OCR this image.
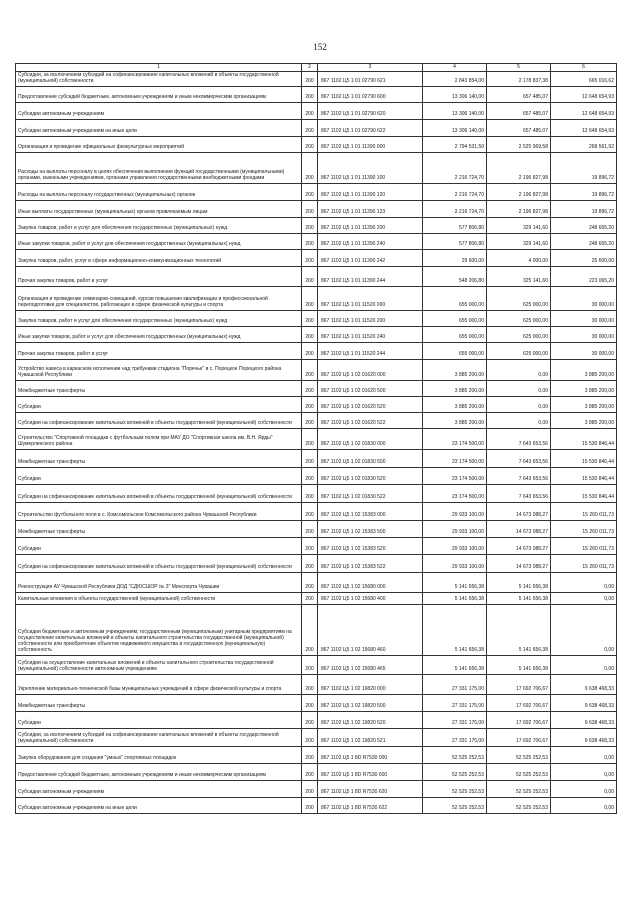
152
1	2	3	4	5	6
Субсидии, за исключением субсидий на софинансирование капитальных вложений в объекты государственной (муниципальной) собственности	200	867 1102 Ц5 1 01 02790 621	2 843 854,00	2 178 837,38	665 016,62
Предоставление субсидий бюджетным, автономным учреждениям и иным некоммерческим организациям	200	867 1102 Ц5 1 01 02790 600	13 306 140,00	657 485,07	12 648 654,93
Субсидии автономным учреждениям	200	867 1102 Ц5 1 01 02790 620	13 306 140,00	657 485,07	12 648 654,93
Субсидии автономным учреждениям на иные цели	200	867 1102 Ц5 1 01 02790 622	13 306 140,00	657 485,07	12 648 654,93
Организация и проведение официальных физкультурных мероприятий	200	867 1102 Ц5 1 01 11390 000	2 794 531,50	2 525 969,58	268 561,92
Расходы на выплаты персоналу в целях обеспечения выполнения функций государственными (муниципальными) органами, казенными учреждениями, органами управления государственными внебюджетными фондами	200	867 1102 Ц5 1 01 11390 100	2 216 724,70	2 196 827,98	19 896,72
Расходы на выплаты персоналу государственных (муниципальных) органов	200	867 1102 Ц5 1 01 11390 120	2 216 724,70	2 196 827,98	19 896,72
Иные выплаты государственных (муниципальных) органов привлекаемым лицам	200	867 1102 Ц5 1 01 11390 123	2 216 724,70	2 196 827,98	19 896,72
Закупка товаров, работ и услуг для обеспечения государственных (муниципальных) нужд	200	867 1102 Ц5 1 01 11390 200	577 806,80	329 141,60	248 665,20
Иные закупки товаров, работ и услуг для обеспечения государственных (муниципальных) нужд	200	867 1102 Ц5 1 01 11390 240	577 806,80	329 141,60	248 665,20
Закупка товаров, работ, услуг в сфере информационно-коммуникационных технологий	200	867 1102 Ц5 1 01 11390 242	29 600,00	4 000,00	25 600,00
Прочая закупка товаров, работ и услуг	200	867 1102 Ц5 1 01 11390 244	548 206,80	325 141,60	223 065,20
Организация и проведение семинаров-совещаний, курсов повышения квалификации и профессиональной переподготовки для специалистов, работающих в сфере физической культуры и спорта	200	867 1102 Ц5 1 01 11520 000	655 000,00	625 000,00	30 000,00
Закупка товаров, работ и услуг для обеспечения государственных (муниципальных) нужд	200	867 1102 Ц5 1 01 11520 200	655 000,00	625 000,00	30 000,00
Иные закупки товаров, работ и услуг для обеспечения государственных (муниципальных) нужд	200	867 1102 Ц5 1 01 11520 240	655 000,00	625 000,00	30 000,00
Прочая закупка товаров, работ и услуг	200	867 1102 Ц5 1 01 11520 244	655 000,00	625 000,00	30 000,00
Устройство навеса в каркасном исполнении над трибунами стадиона "Поречье" в с. Порецкое Порецкого района Чувашской Республики	200	867 1102 Ц5 1 02 01620 000	3 885 200,00	0,00	3 885 200,00
Межбюджетные трансферты	200	867 1102 Ц5 1 02 01620 500	3 885 200,00	0,00	3 885 200,00
Субсидии	200	867 1102 Ц5 1 02 01620 520	3 885 200,00	0,00	3 885 200,00
Субсидии на софинансирование капитальных вложений в объекты государственной (муниципальной) собственности	200	867 1102 Ц5 1 02 01620 522	3 885 200,00	0,00	3 885 200,00
Строительство "Спортивной площадки с футбольным полем при МАУ ДО "Спортивная школа им. В.Н. Ярды" Шумерлинского района	200	867 1102 Ц5 1 02 01830 000	23 174 500,00	7 643 653,56	15 530 846,44
Межбюджетные трансферты	200	867 1102 Ц5 1 02 01830 500	23 174 500,00	7 643 653,56	15 530 846,44
Субсидии	200	867 1102 Ц5 1 02 01830 520	23 174 500,00	7 643 653,56	15 530 846,44
Субсидии на софинансирование капитальных вложений в объекты государственной (муниципальной) собственности	200	867 1102 Ц5 1 02 01830 522	23 174 500,00	7 643 653,56	15 530 846,44
Строительство футбольного поля в с. Комсомольское Комсомольского района Чувашской Республики	200	867 1102 Ц5 1 02 15383 000	29 933 100,00	14 673 088,27	15 260 011,73
Межбюджетные трансферты	200	867 1102 Ц5 1 02 15383 500	29 933 100,00	14 673 088,27	15 260 011,73
Субсидии	200	867 1102 Ц5 1 02 15383 520	29 933 100,00	14 673 088,27	15 260 011,73
Субсидии на софинансирование капитальных вложений в объекты государственной (муниципальной) собственности	200	867 1102 Ц5 1 02 15383 522	29 933 100,00	14 673 088,27	15 260 011,73
Реконструкция АУ Чувашской Республики ДОД "СДЮСШОР № 3" Минспорта Чувашии	200	867 1102 Ц5 1 02 15680 000	5 141 656,38	5 141 656,38	0,00
Капитальные вложения в объекты государственной (муниципальной) собственности	200	867 1102 Ц5 1 02 15680 400	5 141 656,38	5 141 656,38	0,00
Субсидии бюджетным и автономным учреждениям, государственным (муниципальным) унитарным предприятиям на осуществление капитальных вложений в объекты капитального строительства государственной (муниципальной) собственности или приобретение объектов недвижимого имущества в государственную (муниципальную) собственность	200	867 1102 Ц5 1 02 15680 460	5 141 656,38	5 141 656,38	0,00
Субсидии на осуществление капитальных вложений в объекты капитального строительства государственной (муниципальной) собственности автономным учреждениям	200	867 1102 Ц5 1 02 15680 465	5 141 656,38	5 141 656,38	0,00
Укрепление материально-технической базы муниципальных учреждений в сфере физической культуры и спорта	200	867 1102 Ц5 1 02 19820 000	27 331 175,00	17 692 706,67	9 638 468,33
Межбюджетные трансферты	200	867 1102 Ц5 1 02 19820 500	27 331 175,00	17 692 706,67	9 638 468,33
Субсидии	200	867 1102 Ц5 1 02 19820 520	27 331 175,00	17 692 706,67	9 638 468,33
Субсидии, за исключением субсидий на софинансирование капитальных вложений в объекты государственной (муниципальной) собственности	200	867 1102 Ц5 1 02 19820 521	27 331 175,00	17 692 706,67	9 638 468,33
Закупка оборудования для создания "умных" спортивных площадок	200	867 1102 Ц5 1 8D R7530 000	52 525 252,53	52 525 252,53	0,00
Предоставление субсидий бюджетным, автономным учреждениям и иным некоммерческим организациям	200	867 1102 Ц5 1 8D R7530 600	52 525 252,53	52 525 252,53	0,00
Субсидии автономным учреждениям	200	867 1102 Ц5 1 8D R7530 620	52 525 252,53	52 525 252,53	0,00
Субсидии автономным учреждениям на иные цели	200	867 1102 Ц5 1 8D R7530 622	52 525 252,53	52 525 252,53	0,00
